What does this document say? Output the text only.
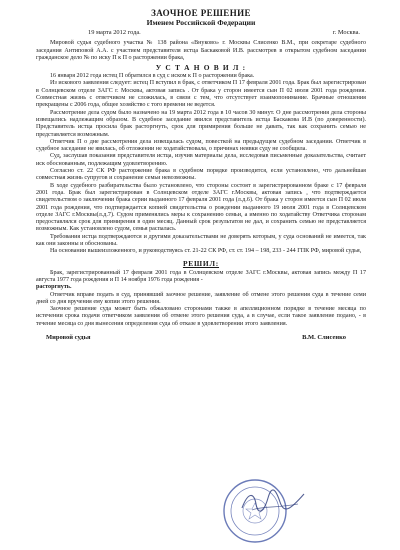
ЗАОЧНОЕ РЕШЕНИЕ
Именем Российской Федерации
19 марта 2012 года.	г. Москва.

Мировой судья судебного участка № 138 района «Внуково» г. Москвы Слисенко В.М., при секретаре судебного заседания Антиповой А.А. с участием представителя истца Баскаковой И.В. рассмотрев в открытом судебном заседании гражданское дело № по иску П к П о расторжении брака,

У С Т А Н О В И Л :

16 января 2012 года истец П обратился в суд с иском к П о расторжении брака.

Из искового заявления следует: истец П вступил в брак, с ответчиком П 17 февраля 2001 года. Брак был зарегистрирован в Солнцевском отделе ЗАГС г. Москвы, актовая запись . От брака у сторон имеется сын П 02 июля 2001 года рождения. Совместная жизнь с ответчиком не сложилась, в связи с тем, что отсутствует взаимопонимание. Брачные отношения прекращены с 2006 года, общее хозяйство с того времени не ведется.

Рассмотрение дела судом было назначено на 19 марта 2012 года в 10 часов 30 минут. О дне рассмотрения дела стороны извещались надлежащим образом. В судебное заседание явился представитель истца Баскакова И.В (по доверенности). Представитель истца просила брак расторгнуть, срок для примирения больше не давать, так как сохранить семью не представляется возможным.

Ответчик П о дне рассмотрения дела извещалась судом, повесткой на предыдущем судебном заседании. Ответчик в судебное заседание не явилась, об отложении не ходатайствовала, о причинах неявки суду не сообщила.

Суд, заслушав показания представителя истца, изучив материалы дела, исследовав письменные доказательства, считает иск обоснованным, подлежащим удовлетворению.

Согласно ст. 22 СК РФ расторжение брака в судебном порядке производится, если установлено, что дальнейшая совместная жизнь супругов и сохранение семьи невозможны.

В ходе судебного разбирательства было установлено, что стороны состоят в зарегистрированном браке с 17 февраля 2001 года. Брак был зарегистрирован в Солнцевском отделе ЗАГС г.Москвы, актовая запись , что подтверждается свидетельством о заключении брака серии выданного 17 февраля 2001 года (л.д.6). От брака у сторон имеется сын П 02 июля 2001 года рождения, что подтверждается копией свидетельства о рождении выданного 19 июля 2001 года в Солнцевском отделе ЗАГС г.Москвы(л.д.7). Судом применялись меры к сохранению семьи, а именно по ходатайству Ответчика сторонам предоставлялся срок для примирения в один месяц. Данный срок результатов не дал, и сохранить семью не представляется возможным. Как установлено судом, семья распалась.

Требования истца подтверждаются и другими доказательствами не доверять которым, у суда оснований не имеется, так как они законны и обоснованы.

На основании вышеизложенного, и руководствуясь ст. 21-22 СК РФ, ст. ст. 194 – 198, 233 - 244 ГПК РФ, мировой судья,

РЕШИЛ:

Брак, зарегистрированный 17 февраля 2001 года в Солнцевском отделе ЗАГС г.Москвы, актовая запись между П 17 августа 1977 года рождения и П 14 ноября 1976 года рождения -

расторгнуть.

Ответчик вправе подать в суд, принявший заочное решение, заявление об отмене этого решения суда в течение семи дней со дня вручения ему копии этого решения.

Заочное решение суда может быть обжаловано сторонами также в апелляционном порядке в течение месяца по истечении срока подачи ответчиком заявления об отмене этого решения суда, а в случае, если такое заявление подано, - в течение месяца со дня вынесения определения суда об отказе в удовлетворении этого заявления.

Мировой судья	В.М. Слисенко
